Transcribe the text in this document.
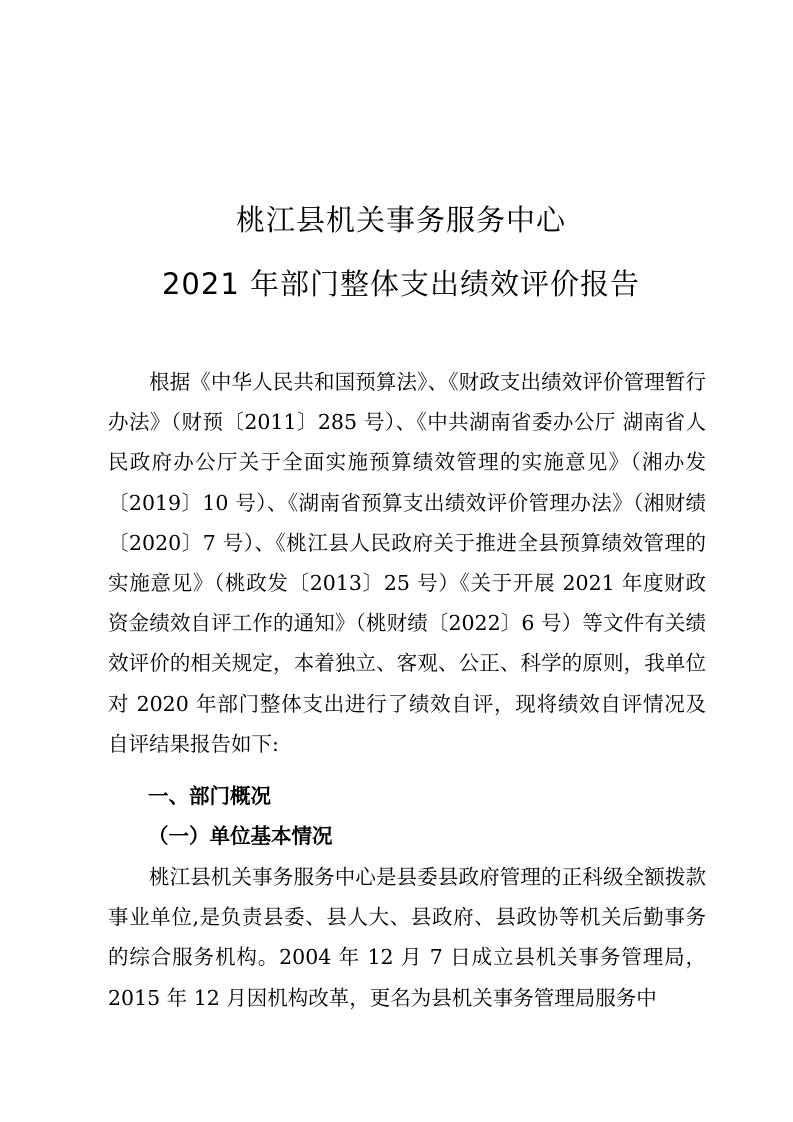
桃江县机关事务服务中心
2021 年部门整体支出绩效评价报告

根据《中华人民共和国预算法》、《财政支出绩效评价管理暂行办法》（财预〔2011〕285 号）、《中共湖南省委办公厅 湖南省人民政府办公厅关于全面实施预算绩效管理的实施意见》（湘办发〔2019〕10 号）、《湖南省预算支出绩效评价管理办法》（湘财绩〔2020〕7 号）、《桃江县人民政府关于推进全县预算绩效管理的实施意见》（桃政发〔2013〕25 号）《关于开展 2021 年度财政资金绩效自评工作的通知》（桃财绩〔2022〕6 号）等文件有关绩效评价的相关规定，本着独立、客观、公正、科学的原则，我单位对 2020 年部门整体支出进行了绩效自评，现将绩效自评情况及自评结果报告如下:

一、部门概况

（一）单位基本情况

桃江县机关事务服务中心是县委县政府管理的正科级全额拨款事业单位,是负责县委、县人大、县政府、县政协等机关后勤事务的综合服务机构。2004 年 12 月 7 日成立县机关事务管理局，2015 年 12 月因机构改革，更名为县机关事务管理局服务中
